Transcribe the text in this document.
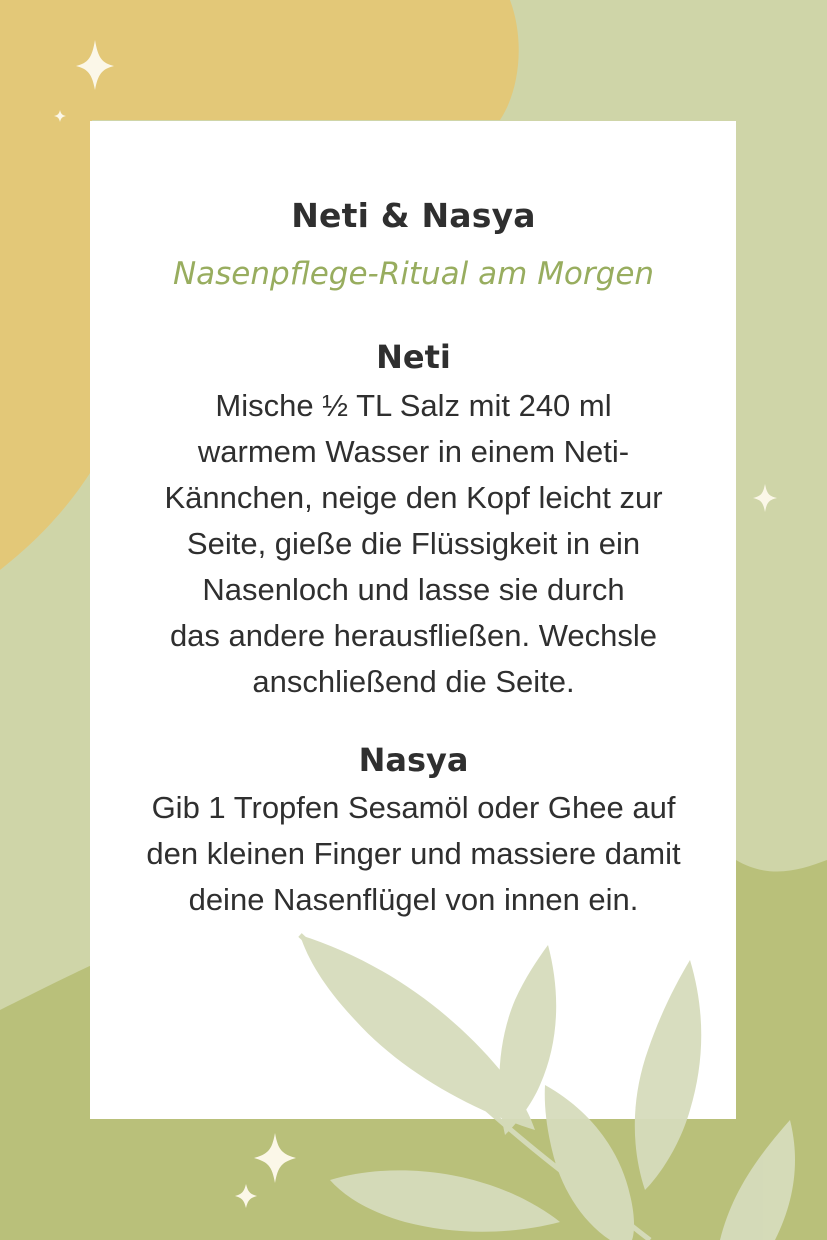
Neti & Nasya
Nasenpflege-Ritual am Morgen
Neti
Mische ½ TL Salz mit 240 ml
warmem Wasser in einem Neti-
Kännchen, neige den Kopf leicht zur
Seite, gieße die Flüssigkeit in ein
Nasenloch und lasse sie durch
das andere herausfließen. Wechsle
anschließend die Seite.
Nasya
Gib 1 Tropfen Sesamöl oder Ghee auf
den kleinen Finger und massiere damit
deine Nasenflügel von innen ein.
